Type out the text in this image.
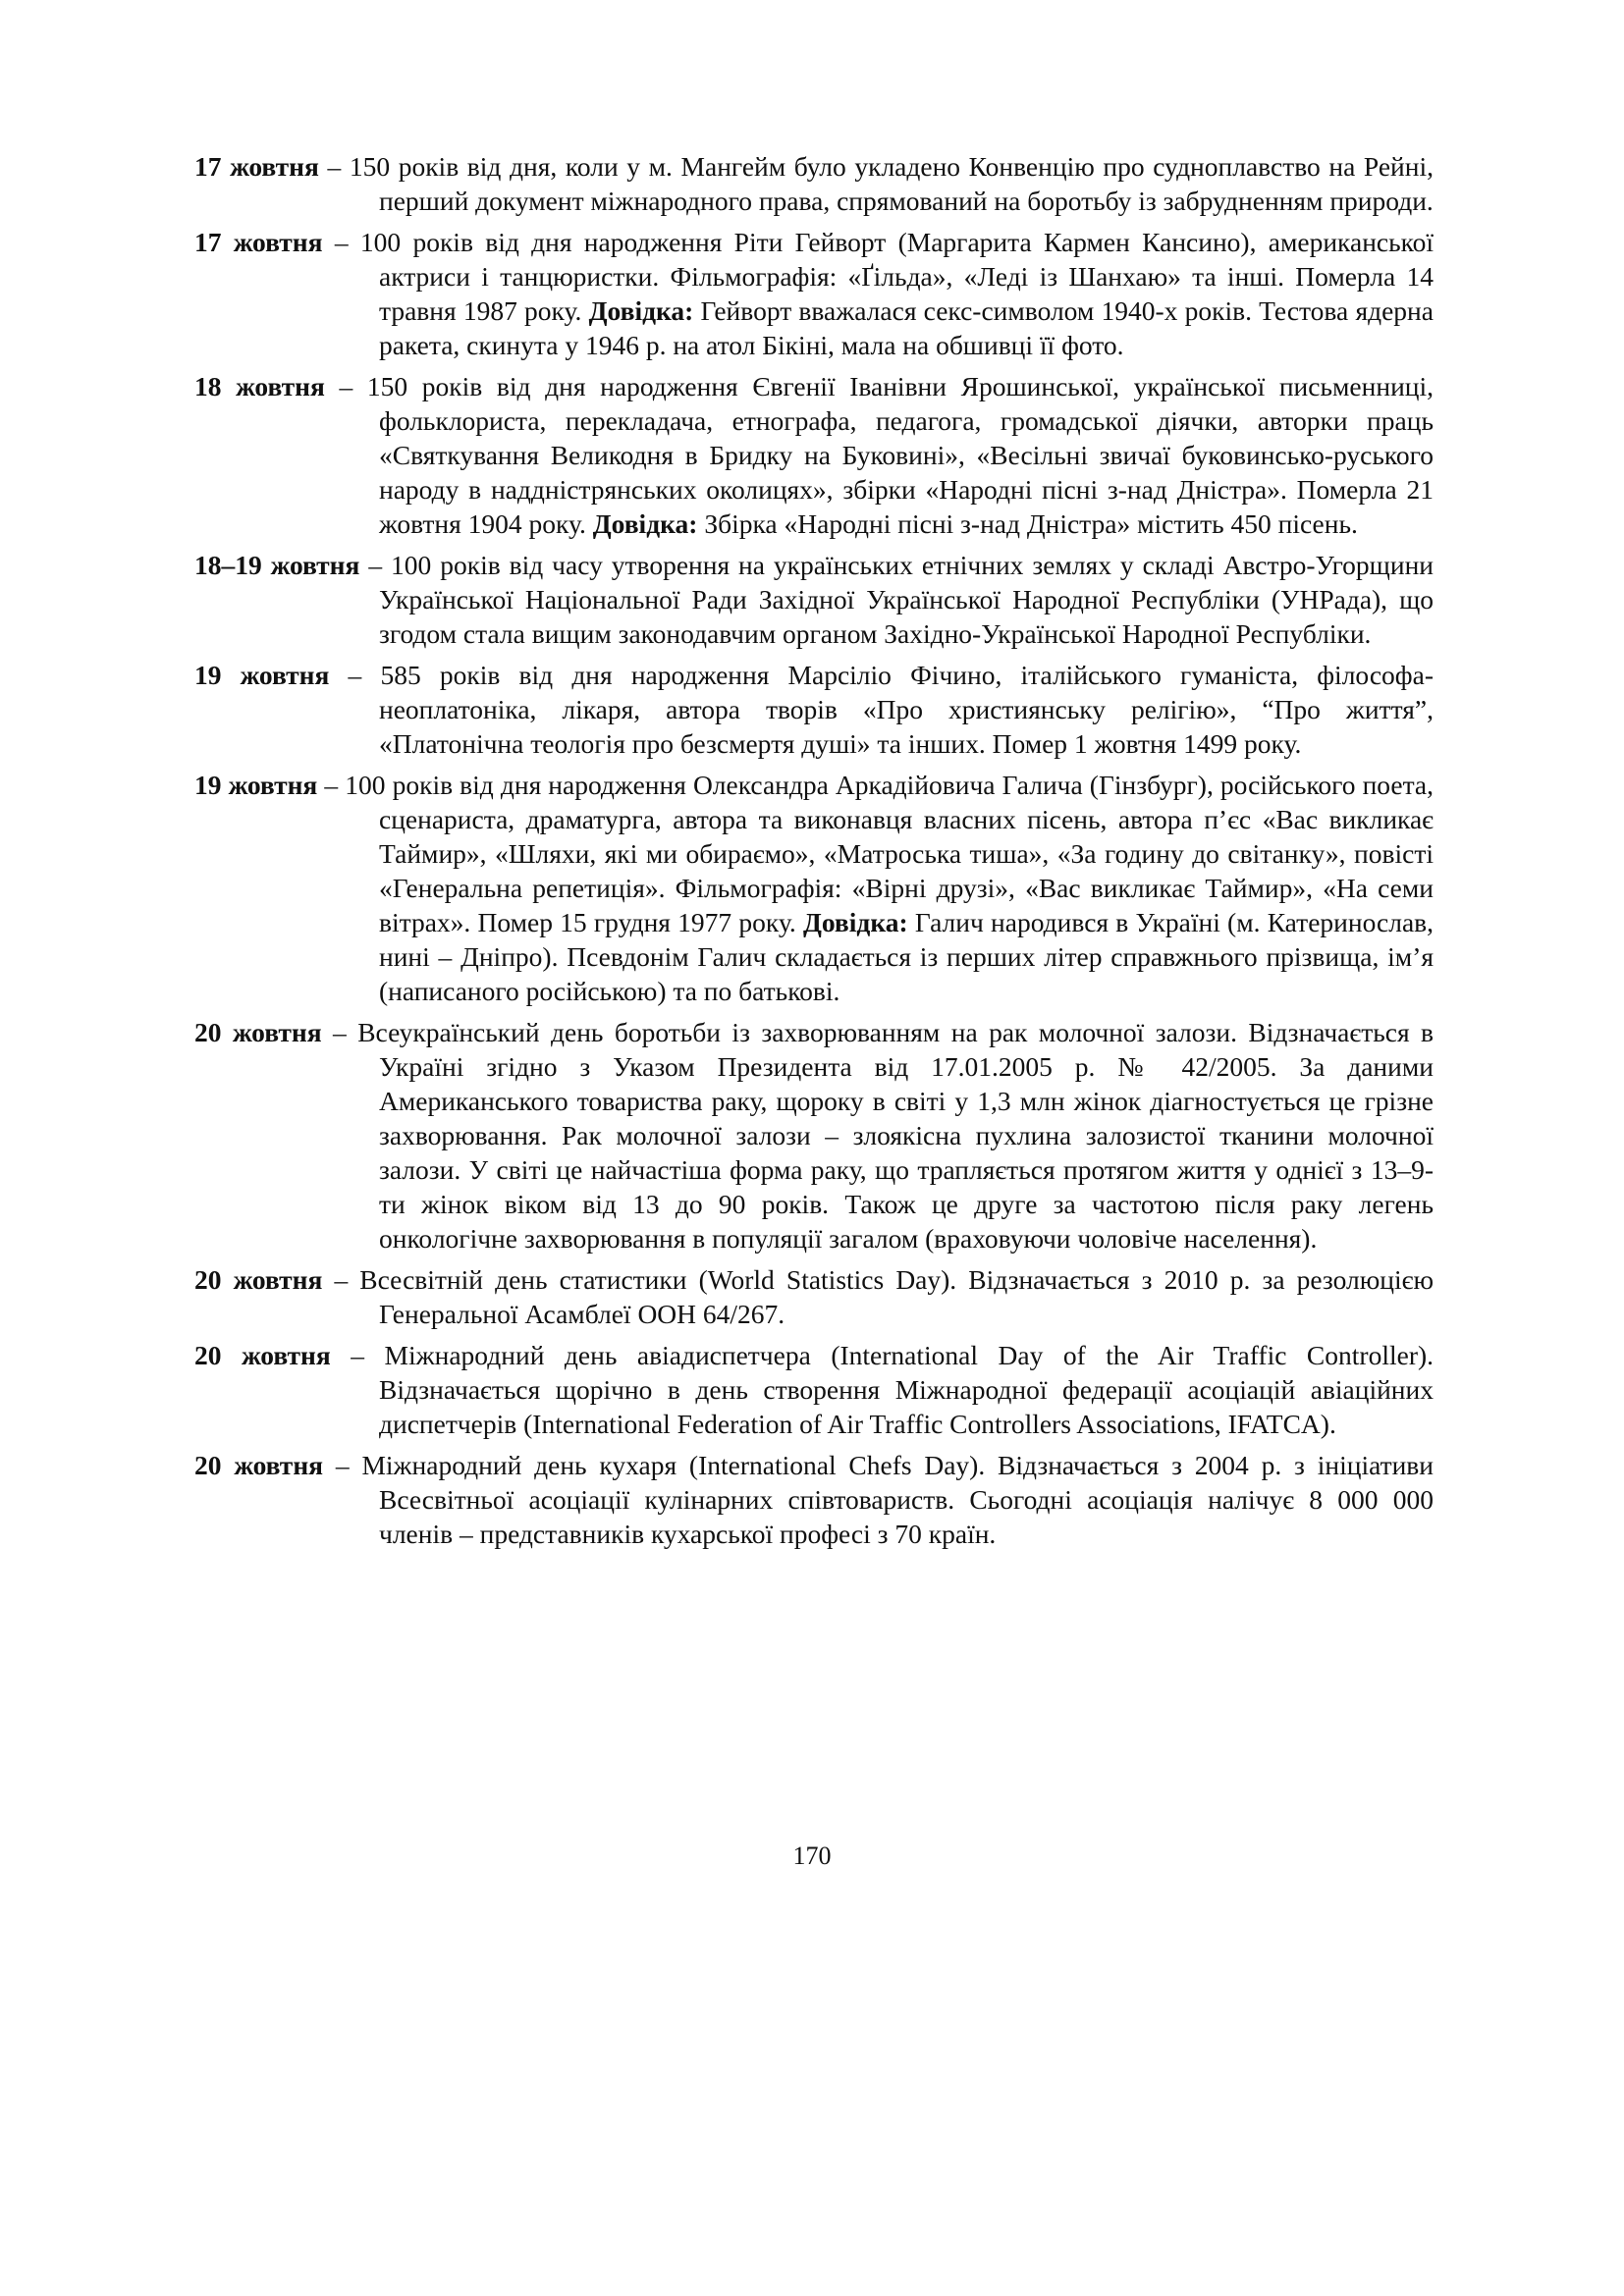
17 жовтня – 150 років від дня, коли у м. Мангейм було укладено Конвенцію про судноплавство на Рейні, перший документ міжнародного права, спрямований на боротьбу із забрудненням природи.

17 жовтня – 100 років від дня народження Ріти Гейворт (Маргарита Кармен Кансино), американської актриси і танцюристки. Фільмографія: «Ґільда», «Леді із Шанхаю» та інші. Померла 14 травня 1987 року. Довідка: Гейворт вважалася секс-символом 1940-х років. Тестова ядерна ракета, скинута у 1946 р. на атол Бікіні, мала на обшивці її фото.

18 жовтня – 150 років від дня народження Євгенії Іванівни Ярошинської, української письменниці, фольклориста, перекладача, етнографа, педагога, громадської діячки, авторки праць «Святкування Великодня в Бридку на Буковині», «Весільні звичаї буковинсько-руського народу в наддністрянських околицях», збірки «Народні пісні з-над Дністра». Померла 21 жовтня 1904 року. Довідка: Збірка «Народні пісні з-над Дністра» містить 450 пісень.

18–19 жовтня – 100 років від часу утворення на українських етнічних землях у складі Австро-Угорщини Української Національної Ради Західної Української Народної Республіки (УНРада), що згодом стала вищим законодавчим органом Західно-Української Народної Республіки.

19 жовтня – 585 років від дня народження Марсіліо Фічино, італійського гуманіста, філософа-неоплатоніка, лікаря, автора творів «Про християнську релігію», “Про життя”, «Платонічна теологія про безсмертя душі» та інших. Помер 1 жовтня 1499 року.

19 жовтня – 100 років від дня народження Олександра Аркадійовича Галича (Гінзбург), російського поета, сценариста, драматурга, автора та виконавця власних пісень, автора п’єс «Вас викликає Таймир», «Шляхи, які ми обираємо», «Матроська тиша», «За годину до світанку», повісті «Генеральна репетиція». Фільмографія: «Вірні друзі», «Вас викликає Таймир», «На семи вітрах». Помер 15 грудня 1977 року. Довідка: Галич народився в Україні (м. Катеринослав, нині – Дніпро). Псевдонім Галич складається із перших літер справжнього прізвища, ім’я (написаного російською) та по батькові.

20 жовтня – Всеукраїнський день боротьби із захворюванням на рак молочної залози. Відзначається в Україні згідно з Указом Президента від 17.01.2005 р. № 42/2005. За даними Американського товариства раку, щороку в світі у 1,3 млн жінок діагностується це грізне захворювання. Рак молочної залози – злоякісна пухлина залозистої тканини молочної залози. У світі це найчастіша форма раку, що трапляється протягом життя у однієї з 13–9-ти жінок віком від 13 до 90 років. Також це друге за частотою після раку легень онкологічне захворювання в популяції загалом (враховуючи чоловіче населення).

20 жовтня – Всесвітній день статистики (World Statistics Day). Відзначається з 2010 р. за резолюцією Генеральної Асамблеї ООН 64/267.

20 жовтня – Міжнародний день авіадиспетчера (International Day of the Air Traffic Controller). Відзначається щорічно в день створення Міжнародної федерації асоціацій авіаційних диспетчерів (International Federation of Air Traffic Controllers Associations, IFATCA).

20 жовтня – Міжнародний день кухаря (International Chefs Day). Відзначається з 2004 р. з ініціативи Всесвітньої асоціації кулінарних співтовариств. Сьогодні асоціація налічує 8 000 000 членів – представників кухарської професі з 70 країн.

170
